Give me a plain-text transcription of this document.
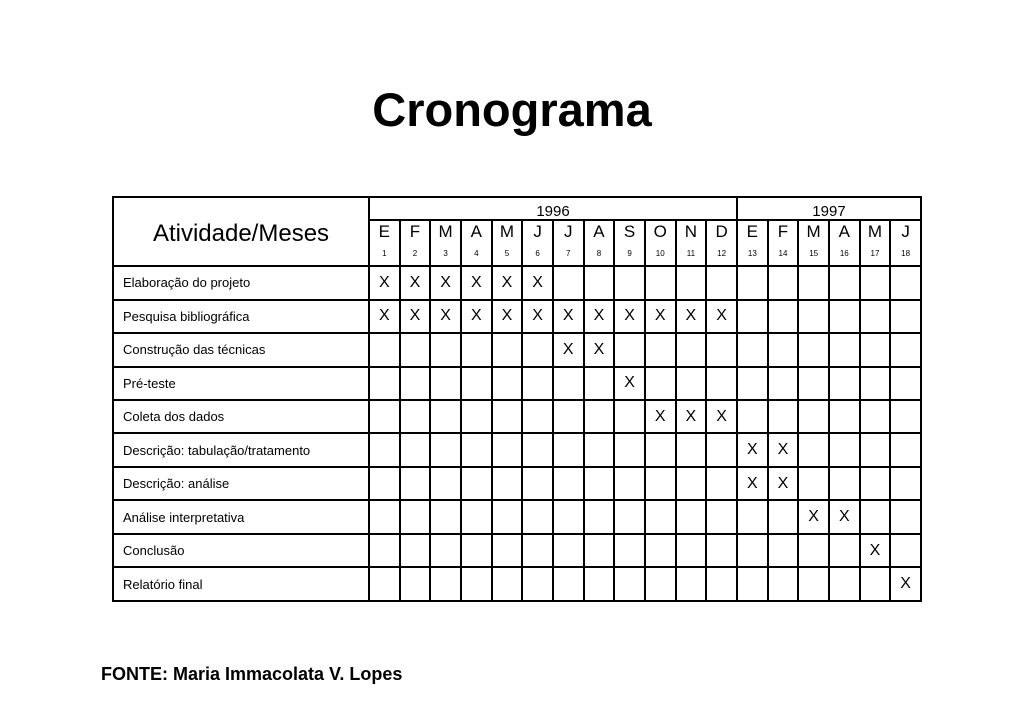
Cronograma
Atividade/Meses	1996												1997					
	E	F	M	A	M	J	J	A	S	O	N	D	E	F	M	A	M	J
	1	2	3	4	5	6	7	8	9	10	11	12	13	14	15	16	17	18
Elaboração do projeto	X	X	X	X	X	X												
Pesquisa bibliográfica	X	X	X	X	X	X	X	X	X	X	X	X						
Construção das técnicas							X	X										
Pré-teste									X									
Coleta dos dados										X	X	X						
Descrição: tabulação/tratamento													X	X				
Descrição: análise													X	X				
Análise interpretativa															X	X		
Conclusão																	X	
Relatório final																		X
FONTE: Maria Immacolata V. Lopes
